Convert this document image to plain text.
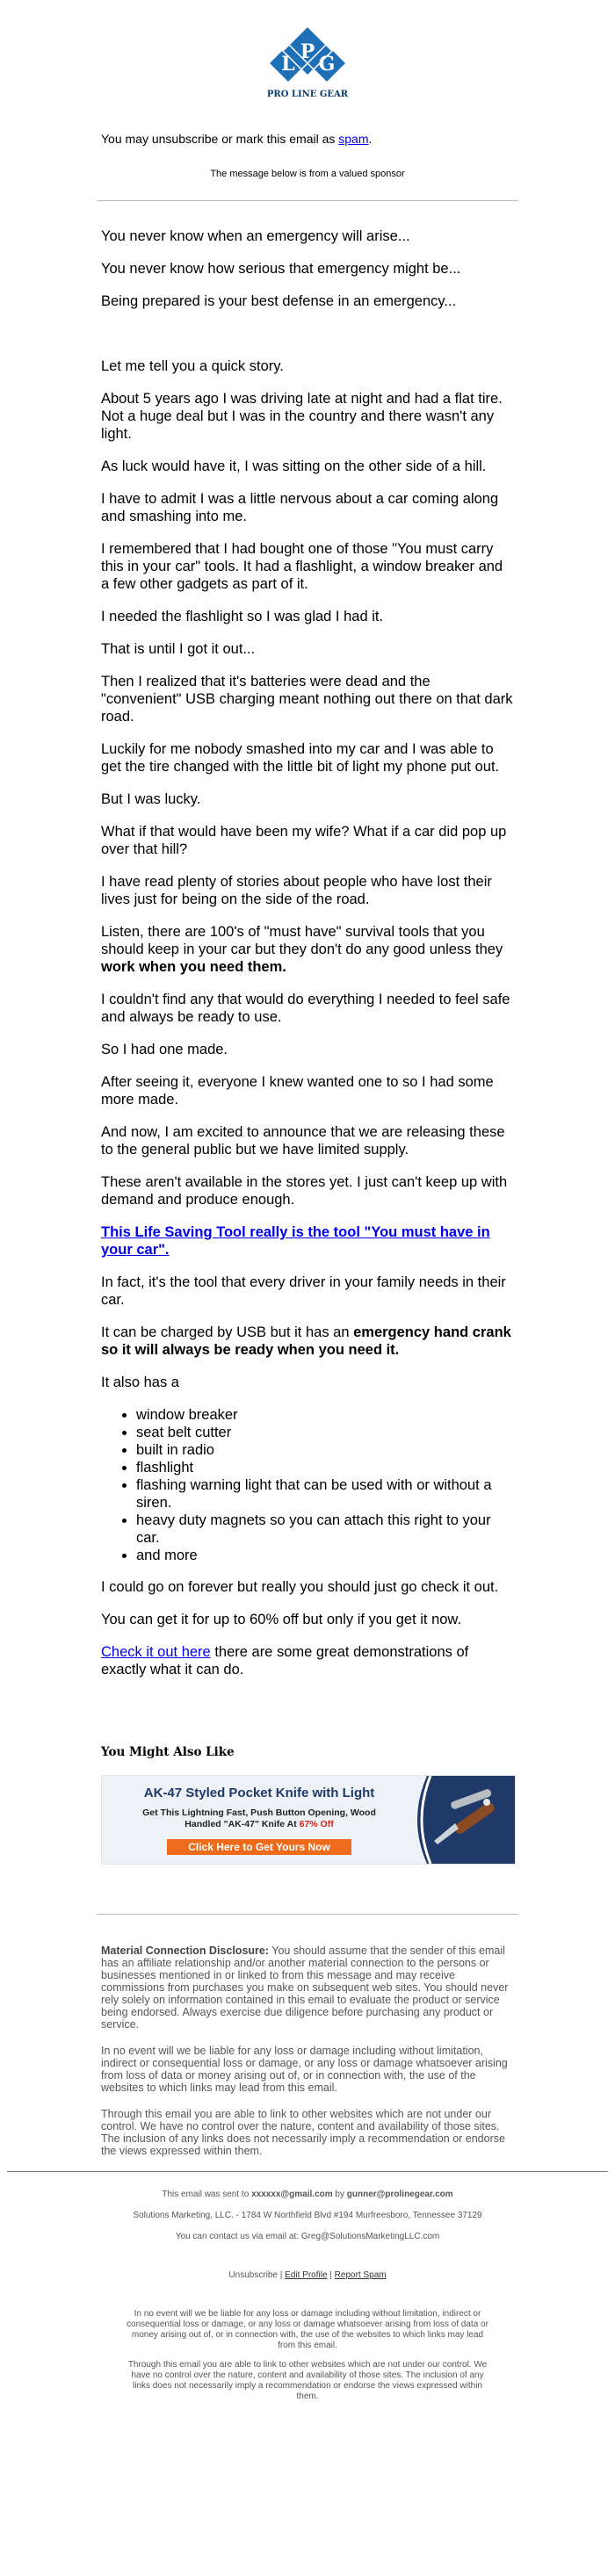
P
L G
PRO LINE GEAR
You may unsubscribe or mark this email as spam.
The message below is from a valued sponsor

You never know when an emergency will arise...

You never know how serious that emergency might be...

Being prepared is your best defense in an emergency...

Let me tell you a quick story.

About 5 years ago I was driving late at night and had a flat tire. Not a huge deal but I was in the country and there wasn't any light.

As luck would have it, I was sitting on the other side of a hill.

I have to admit I was a little nervous about a car coming along and smashing into me.

I remembered that I had bought one of those "You must carry this in your car" tools. It had a flashlight, a window breaker and a few other gadgets as part of it.

I needed the flashlight so I was glad I had it.

That is until I got it out...

Then I realized that it's batteries were dead and the "convenient" USB charging meant nothing out there on that dark road.

Luckily for me nobody smashed into my car and I was able to get the tire changed with the little bit of light my phone put out.

But I was lucky.

What if that would have been my wife? What if a car did pop up over that hill?

I have read plenty of stories about people who have lost their lives just for being on the side of the road.

Listen, there are 100's of "must have" survival tools that you should keep in your car but they don't do any good unless they work when you need them.

I couldn't find any that would do everything I needed to feel safe and always be ready to use.

So I had one made.

After seeing it, everyone I knew wanted one to so I had some more made.

And now, I am excited to announce that we are releasing these to the general public but we have limited supply.

These aren't available in the stores yet. I just can't keep up with demand and produce enough.

This Life Saving Tool really is the tool "You must have in your car".

In fact, it's the tool that every driver in your family needs in their car.

It can be charged by USB but it has an emergency hand crank so it will always be ready when you need it.

It also has a

• window breaker
• seat belt cutter
• built in radio
• flashlight
• flashing warning light that can be used with or without a siren.
• heavy duty magnets so you can attach this right to your car.
• and more

I could go on forever but really you should just go check it out.

You can get it for up to 60% off but only if you get it now.

Check it out here there are some great demonstrations of exactly what it can do.

You Might Also Like
AK-47 Styled Pocket Knife with Light
Get This Lightning Fast, Push Button Opening, Wood
Handled "AK-47" Knife At 67% Off
Click Here to Get Yours Now

Material Connection Disclosure: You should assume that the sender of this email has an affiliate relationship and/or another material connection to the persons or businesses mentioned in or linked to from this message and may receive commissions from purchases you make on subsequent web sites. You should never rely solely on information contained in this email to evaluate the product or service being endorsed. Always exercise due diligence before purchasing any product or service.

In no event will we be liable for any loss or damage including without limitation, indirect or consequential loss or damage, or any loss or damage whatsoever arising from loss of data or money arising out of, or in connection with, the use of the websites to which links may lead from this email.

Through this email you are able to link to other websites which are not under our control. We have no control over the nature, content and availability of those sites. The inclusion of any links does not necessarily imply a recommendation or endorse the views expressed within them.

This email was sent to xxxxxx@gmail.com by gunner@prolinegear.com

Solutions Marketing, LLC. - 1784 W Northfield Blvd #194 Murfreesboro, Tennessee 37129

You can contact us via email at: Greg@SolutionsMarketingLLC.com

Unsubscribe | Edit Profile | Report Spam

In no event will we be liable for any loss or damage including without limitation, indirect or consequential loss or damage, or any loss or damage whatsoever arising from loss of data or money arising out of, or in connection with, the use of the websites to which links may lead from this email.

Through this email you are able to link to other websites which are not under our control. We have no control over the nature, content and availability of those sites. The inclusion of any links does not necessarily imply a recommendation or endorse the views expressed within them.
